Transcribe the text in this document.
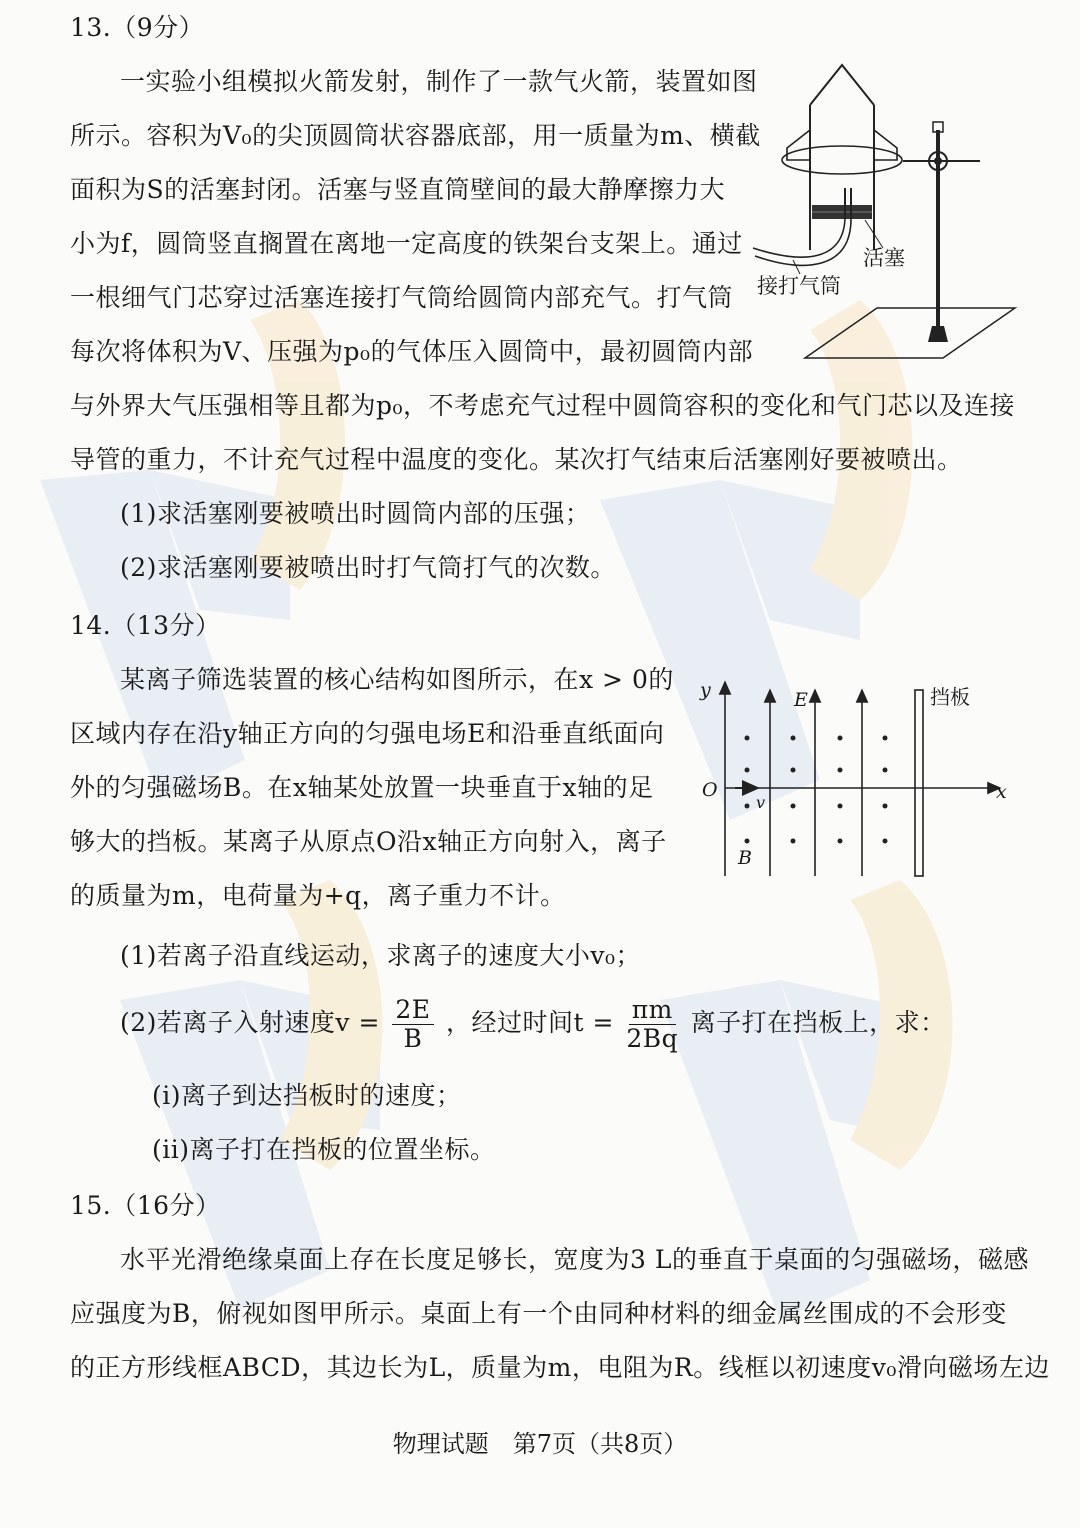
13.（9分）
一实验小组模拟火箭发射，制作了一款气火箭，装置如图
所示。容积为V₀的尖顶圆筒状容器底部，用一质量为m、横截
面积为S的活塞封闭。活塞与竖直筒壁间的最大静摩擦力大
小为f，圆筒竖直搁置在离地一定高度的铁架台支架上。通过
一根细气门芯穿过活塞连接打气筒给圆筒内部充气。打气筒
每次将体积为V、压强为p₀的气体压入圆筒中，最初圆筒内部
与外界大气压强相等且都为p₀，不考虑充气过程中圆筒容积的变化和气门芯以及连接
导管的重力，不计充气过程中温度的变化。某次打气结束后活塞刚好要被喷出。
(1)求活塞刚要被喷出时圆筒内部的压强；
(2)求活塞刚要被喷出时打气筒打气的次数。
活塞
接打气筒
14.（13分）
某离子筛选装置的核心结构如图所示，在x > 0的
区域内存在沿y轴正方向的匀强电场E和沿垂直纸面向
外的匀强磁场B。在x轴某处放置一块垂直于x轴的足
够大的挡板。某离子从原点O沿x轴正方向射入，离子
的质量为m，电荷量为+q，离子重力不计。
(1)若离子沿直线运动，求离子的速度大小v₀；
(2)若离子入射速度$v = \frac{2E}{B}$ ，经过时间$t = \frac{\pi m}{2Bq}$ 离子打在挡板上，求：
(i)离子到达挡板时的速度；
(ii)离子打在挡板的位置坐标。
y
x
O
E
B
v
挡板
15.（16分）
水平光滑绝缘桌面上存在长度足够长，宽度为3 L的垂直于桌面的匀强磁场，磁感
应强度为B，俯视如图甲所示。桌面上有一个由同种材料的细金属丝围成的不会形变
的正方形线框ABCD，其边长为L，质量为m，电阻为R。线框以初速度v₀滑向磁场左边
物理试题　第7页（共8页）
